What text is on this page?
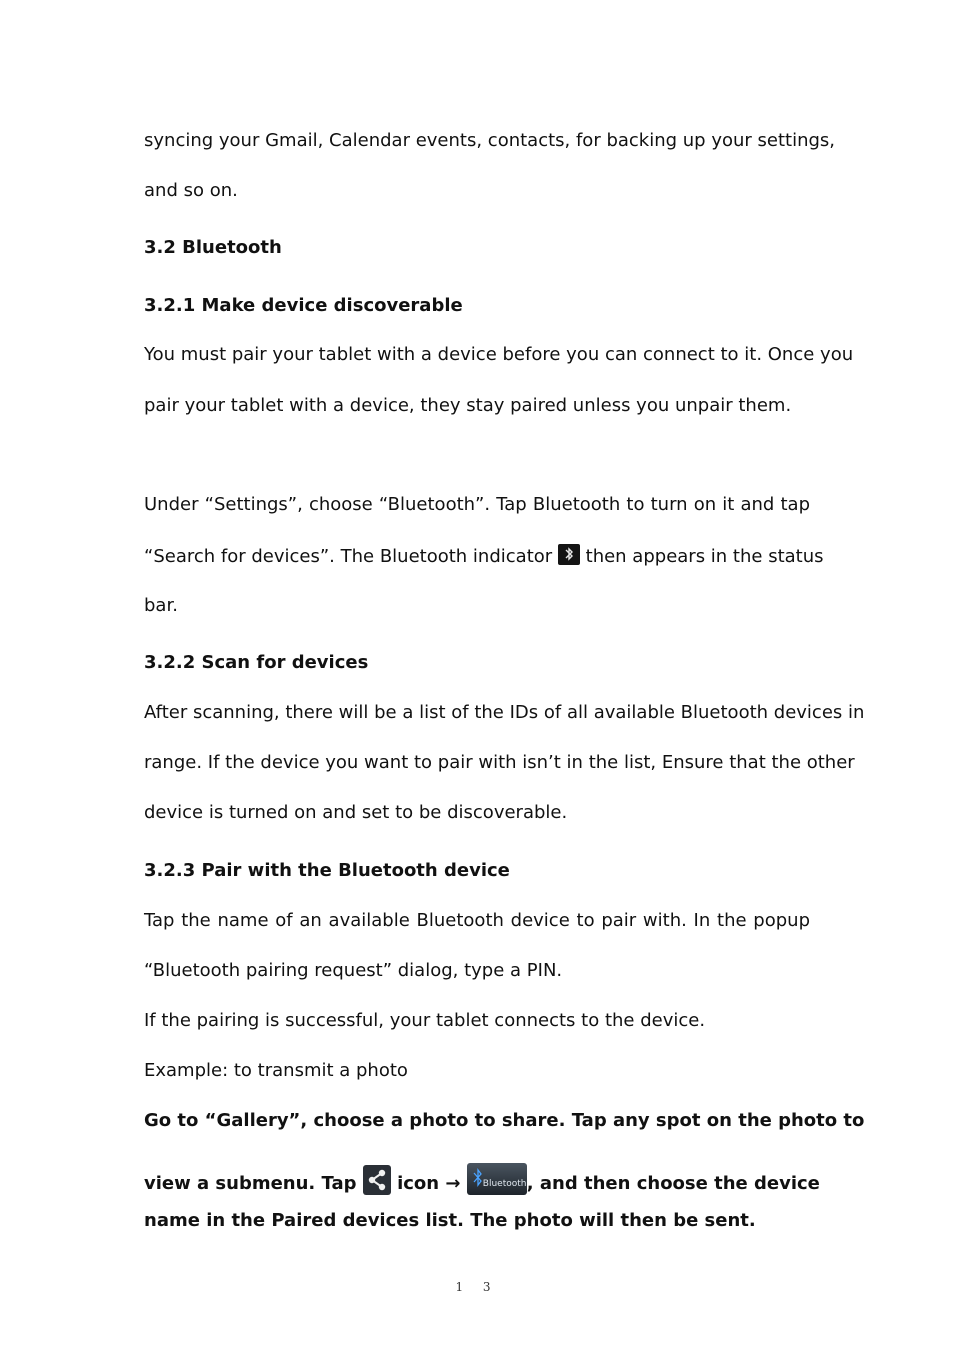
syncing your Gmail, Calendar events, contacts, for backing up your settings,
and so on.
3.2 Bluetooth
3.2.1 Make device discoverable
You must pair your tablet with a device before you can connect to it. Once you
pair your tablet with a device, they stay paired unless you unpair them.
Under “Settings”, choose “Bluetooth”. Tap Bluetooth to turn on it and tap
“Search for devices”. The Bluetooth indicator then appears in the status
bar.
3.2.2 Scan for devices
After scanning, there will be a list of the IDs of all available Bluetooth devices in
range. If the device you want to pair with isn’t in the list, Ensure that the other
device is turned on and set to be discoverable.
3.2.3 Pair with the Bluetooth device
Tap the name of an available Bluetooth device to pair with. In the popup
“Bluetooth pairing request” dialog, type a PIN.
If the pairing is successful, your tablet connects to the device.
Example: to transmit a photo
Go to “Gallery”, choose a photo to share. Tap any spot on the photo to
view a submenu. Tap icon → Bluetooth , and then choose the device
name in the Paired devices list. The photo will then be sent.
1 3
